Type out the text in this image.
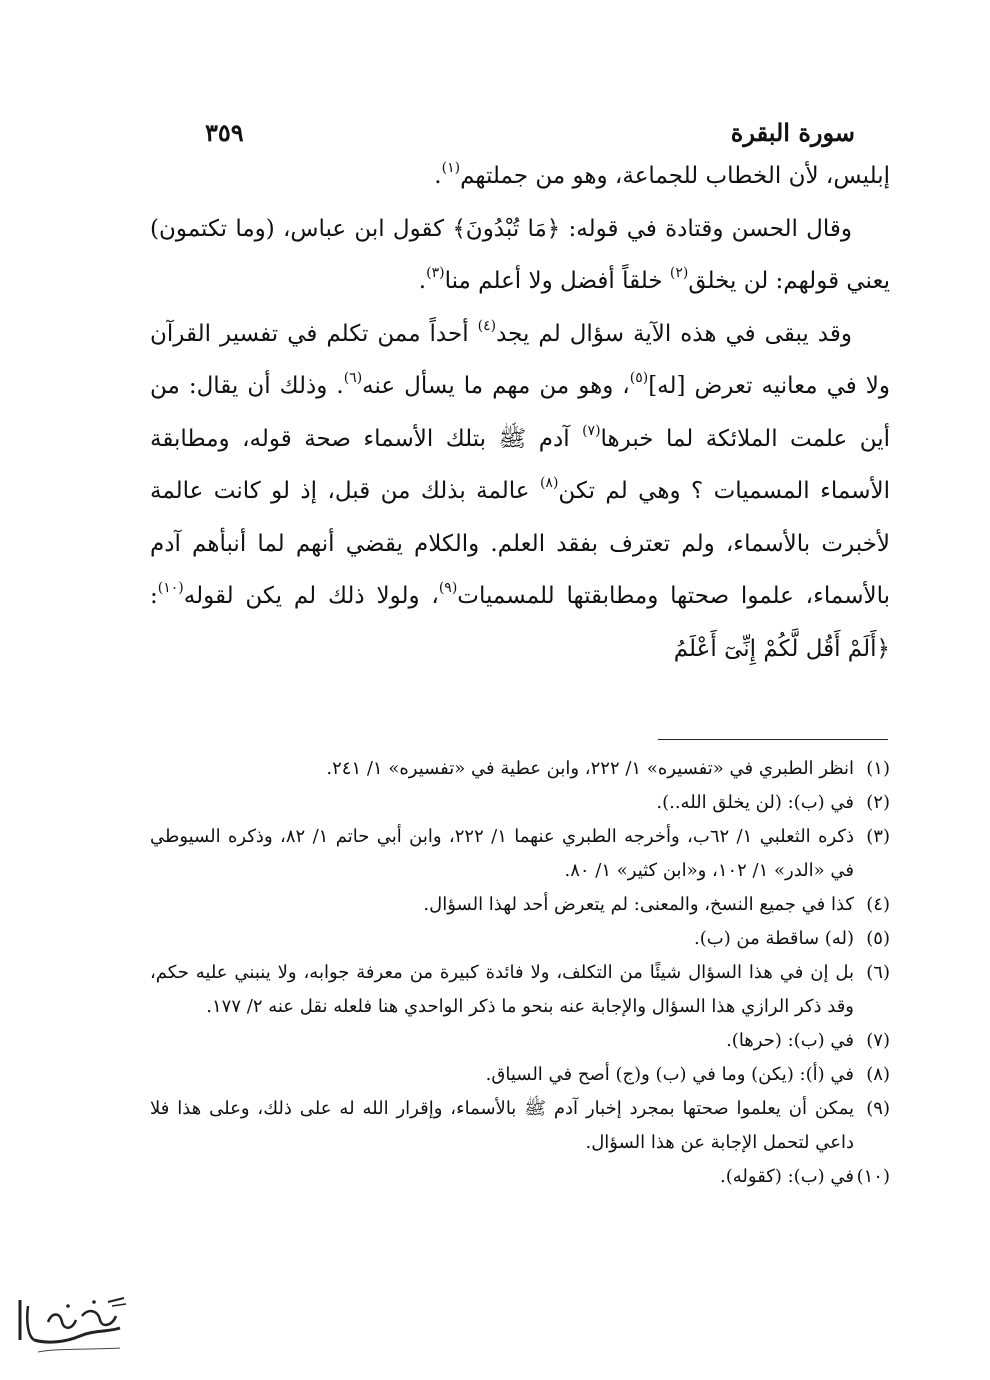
سورة البقرة
٣٥٩

إبليس، لأن الخطاب للجماعة، وهو من جملتهم$^{(١)}$.

وقال الحسن وقتادة في قوله: ﴿مَا تُبْدُونَ﴾ كقول ابن عباس، (وما تكتمون) يعني قولهم: لن يخلق$^{(٢)}$ خلقاً أفضل ولا أعلم منا$^{(٣)}$.

وقد يبقى في هذه الآية سؤال لم يجد$^{(٤)}$ أحداً ممن تكلم في تفسير القرآن ولا في معانيه تعرض [له]$^{(٥)}$، وهو من مهم ما يسأل عنه$^{(٦)}$. وذلك أن يقال: من أين علمت الملائكة لما خبرها$^{(٧)}$ آدم ﷺ بتلك الأسماء صحة قوله، ومطابقة الأسماء المسميات ؟ وهي لم تكن$^{(٨)}$ عالمة بذلك من قبل، إذ لو كانت عالمة لأخبرت بالأسماء، ولم تعترف بفقد العلم. والكلام يقضي أنهم لما أنبأهم آدم بالأسماء، علموا صحتها ومطابقتها للمسميات$^{(٩)}$، ولولا ذلك لم يكن لقوله$^{(١٠)}$: ﴿أَلَمْ أَقُل لَّكُمْ إِنِّىٓ أَعْلَمُ

(١)
انظر الطبري في «تفسيره» ١/ ٢٢٢، وابن عطية في «تفسيره» ١/ ٢٤١.
(٢)
في (ب): (لن يخلق الله..).
(٣)
ذكره الثعلبي ١/ ٦٢ب، وأخرجه الطبري عنهما ١/ ٢٢٢، وابن أبي حاتم ١/ ٨٢، وذكره السيوطي في «الدر» ١/ ١٠٢، و«ابن كثير» ١/ ٨٠.
(٤)
كذا في جميع النسخ، والمعنى: لم يتعرض أحد لهذا السؤال.
(٥)
(له) ساقطة من (ب).
(٦)
بل إن في هذا السؤال شيئًا من التكلف، ولا فائدة كبيرة من معرفة جوابه، ولا ينبني عليه حكم، وقد ذكر الرازي هذا السؤال والإجابة عنه بنحو ما ذكر الواحدي هنا فلعله نقل عنه ٢/ ١٧٧.
(٧)
في (ب): (حرها).
(٨)
في (أ): (يكن) وما في (ب) و(ج) أصح في السياق.
(٩)
يمكن أن يعلموا صحتها بمجرد إخبار آدم ﷺ بالأسماء، وإقرار الله له على ذلك، وعلى هذا فلا داعي لتحمل الإجابة عن هذا السؤال.
(١٠)
في (ب): (كقوله).
